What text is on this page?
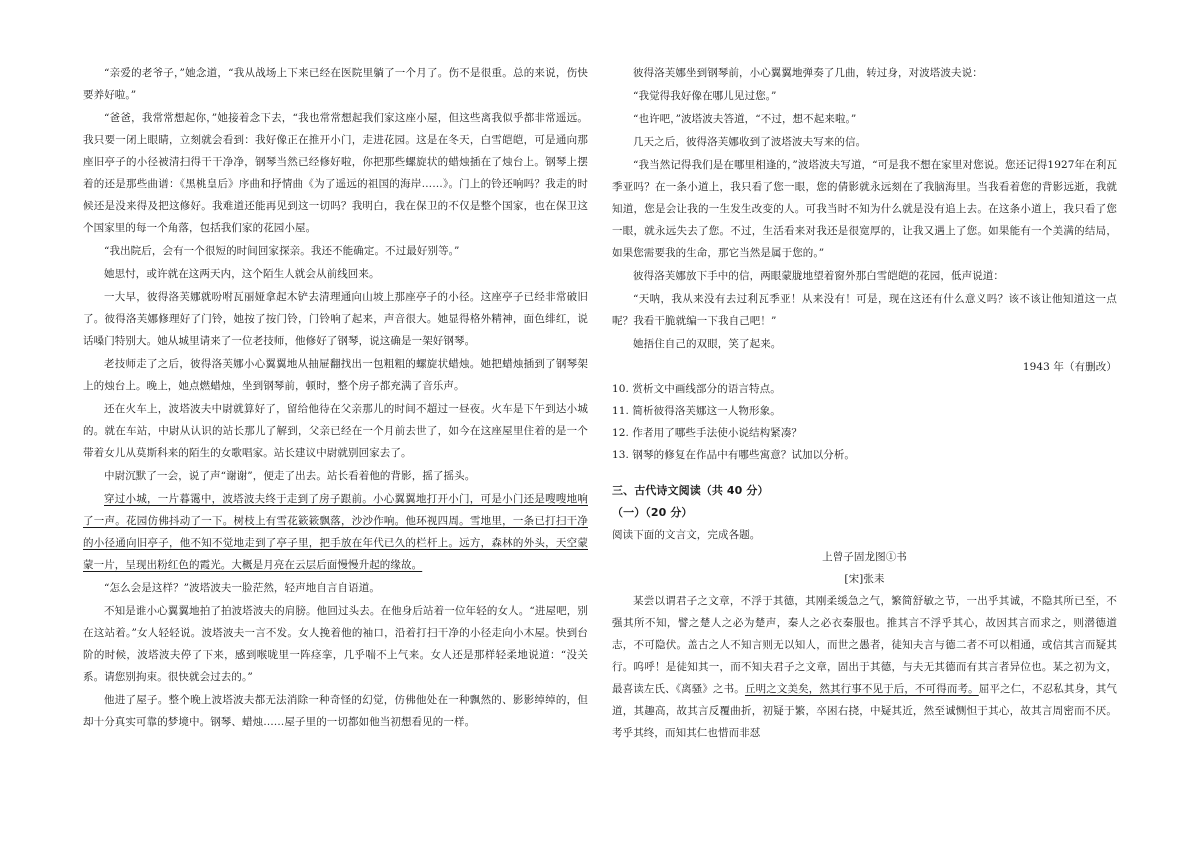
“亲爱的老爷子，”她念道，“我从战场上下来已经在医院里躺了一个月了。伤不是很重。总的来说，伤快要养好啦。”

“爸爸，我常常想起你，”她接着念下去，“我也常常想起我们家这座小屋，但这些离我似乎都非常遥远。我只要一闭上眼睛，立刻就会看到：我好像正在推开小门，走进花园。这是在冬天，白雪皑皑，可是通向那座旧亭子的小径被清扫得干干净净，钢琴当然已经修好啦，你把那些螺旋状的蜡烛插在了烛台上。钢琴上摆着的还是那些曲谱：《黑桃皇后》序曲和抒情曲《为了遥远的祖国的海岸……》。门上的铃还响吗？我走的时候还是没来得及把这修好。我难道还能再见到这一切吗？我明白，我在保卫的不仅是整个国家，也在保卫这个国家里的每一个角落，包括我们家的花园小屋。

“我出院后，会有一个很短的时间回家探亲。我还不能确定。不过最好别等。”

她思忖，或许就在这两天内，这个陌生人就会从前线回来。

一大早，彼得洛芙娜就吩咐瓦丽娅拿起木铲去清理通向山坡上那座亭子的小径。这座亭子已经非常破旧了。彼得洛芙娜修理好了门铃，她按了按门铃，门铃响了起来，声音很大。她显得格外精神，面色绯红，说话嗓门特别大。她从城里请来了一位老技师，他修好了钢琴，说这确是一架好钢琴。

老技师走了之后，彼得洛芙娜小心翼翼地从抽屉翻找出一包粗粗的螺旋状蜡烛。她把蜡烛插到了钢琴架上的烛台上。晚上，她点燃蜡烛，坐到钢琴前，顿时，整个房子都充满了音乐声。

还在火车上，波塔波夫中尉就算好了，留给他待在父亲那儿的时间不超过一昼夜。火车是下午到达小城的。就在车站，中尉从认识的站长那儿了解到，父亲已经在一个月前去世了，如今在这座屋里住着的是一个带着女儿从莫斯科来的陌生的女歌唱家。站长建议中尉就别回家去了。

中尉沉默了一会，说了声“谢谢”，便走了出去。站长看着他的背影，摇了摇头。

穿过小城，一片暮霭中，波塔波夫终于走到了房子跟前。小心翼翼地打开小门，可是小门还是嗖嗖地响了一声。花园仿佛抖动了一下。树枝上有雪花簌簌飘落，沙沙作响。他环视四周。雪地里，一条已打扫干净的小径通向旧亭子，他不知不觉地走到了亭子里，把手放在年代已久的栏杆上。远方，森林的外头，天空蒙蒙一片，呈现出粉红色的霞光。大概是月亮在云层后面慢慢升起的缘故。

“怎么会是这样？”波塔波夫一脸茫然，轻声地自言自语道。

不知是谁小心翼翼地拍了拍波塔波夫的肩膀。他回过头去。在他身后站着一位年轻的女人。“进屋吧，别在这站着。”女人轻轻说。波塔波夫一言不发。女人挽着他的袖口，沿着打扫干净的小径走向小木屋。快到台阶的时候，波塔波夫停了下来，感到喉咙里一阵痉挛，几乎喘不上气来。女人还是那样轻柔地说道：“没关系。请您别拘束。很快就会过去的。”

他进了屋子。整个晚上波塔波夫都无法消除一种奇怪的幻觉，仿佛他处在一种飘然的、影影绰绰的，但却十分真实可靠的梦境中。钢琴、蜡烛……屋子里的一切都如他当初想看见的一样。

彼得洛芙娜坐到钢琴前，小心翼翼地弹奏了几曲，转过身，对波塔波夫说：

“我觉得我好像在哪儿见过您。”

“也许吧，”波塔波夫答道，“不过，想不起来啦。”

几天之后，彼得洛芙娜收到了波塔波夫写来的信。

“我当然记得我们是在哪里相逢的，”波塔波夫写道，“可是我不想在家里对您说。您还记得1927年在利瓦季亚吗？在一条小道上，我只看了您一眼，您的倩影就永远刻在了我脑海里。当我看着您的背影远逝，我就知道，您是会让我的一生发生改变的人。可我当时不知为什么就是没有追上去。在这条小道上，我只看了您一眼，就永远失去了您。不过，生活看来对我还是很宽厚的，让我又遇上了您。如果能有一个美满的结局，如果您需要我的生命，那它当然是属于您的。”

彼得洛芙娜放下手中的信，两眼蒙胧地望着窗外那白雪皑皑的花园，低声说道：

“天呐，我从来没有去过利瓦季亚！从来没有！可是，现在这还有什么意义吗？该不该让他知道这一点呢？我看干脆就编一下我自己吧！”

她捂住自己的双眼，笑了起来。

1943 年（有删改）

10. 赏析文中画线部分的语言特点。

11. 简析彼得洛芙娜这一人物形象。

12. 作者用了哪些手法使小说结构紧凑？

13. 钢琴的修复在作品中有哪些寓意？试加以分析。

三、古代诗文阅读（共 40 分）

（一）（20 分）

阅读下面的文言文，完成各题。

上曾子固龙图①书

[宋]张耒

某尝以谓君子之文章，不浮于其德，其刚柔缓急之气，繁简舒敏之节，一出乎其诚，不隐其所已至，不强其所不知，譬之楚人之必为楚声，秦人之必衣秦服也。推其言不浮乎其心，故因其言而求之，则潜德道志，不可隐伏。盖古之人不知言则无以知人，而世之愚者，徒知夫言与德二者不可以相通，或信其言而疑其行。呜呼！是徒知其一，而不知夫君子之文章，固出于其德，与夫无其德而有其言者异位也。某之初为文，最喜读左氏、《离骚》之书。丘明之文美矣，然其行事不见于后，不可得而考。屈平之仁，不忍私其身，其气道，其趣高，故其言反覆曲折，初疑于繁，卒困右挠，中疑其近，然至诚恻怛于其心，故其言周密而不厌。考乎其终，而知其仁也惜而非怼
